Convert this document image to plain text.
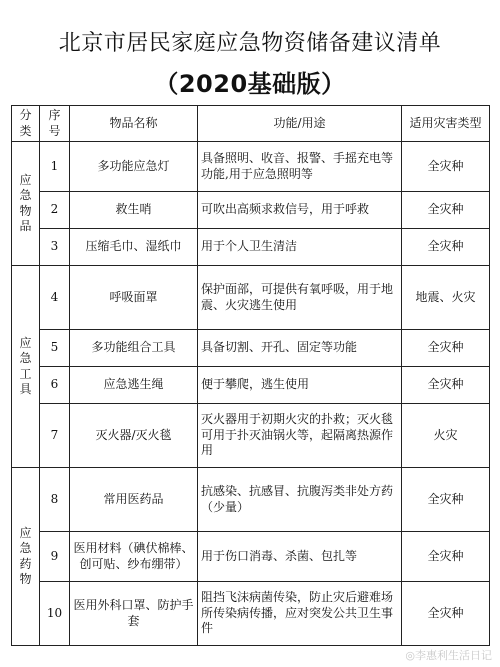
北京市居民家庭应急物资储备建议清单
（2020基础版）
分类	序号	物品名称	功能/用途	适用灾害类型

应急物品	1	多功能应急灯	具备照明、收音、报警、手摇充电等功能,用于应急照明等	全灾种
	2	救生哨	可吹出高频求救信号，用于呼救	全灾种
	3	压缩毛巾、湿纸巾	用于个人卫生清洁	全灾种

应急工具	4	呼吸面罩	保护面部，可提供有氧呼吸，用于地震、火灾逃生使用	地震、火灾
	5	多功能组合工具	具备切割、开孔、固定等功能	全灾种
	6	应急逃生绳	便于攀爬，逃生使用	全灾种
	7	灭火器/灭火毯	灭火器用于初期火灾的扑救；灭火毯可用于扑灭油锅火等，起隔离热源作用	火灾

应急药物	8	常用医药品	抗感染、抗感冒、抗腹泻类非处方药（少量）	全灾种
	9	医用材料（碘伏棉棒、创可贴、纱布绷带）	用于伤口消毒、杀菌、包扎等	全灾种
	10	医用外科口罩、防护手套	阻挡飞沫病菌传染，防止灾后避难场所传染病传播，应对突发公共卫生事件	全灾种
◎李惠利生活日记
